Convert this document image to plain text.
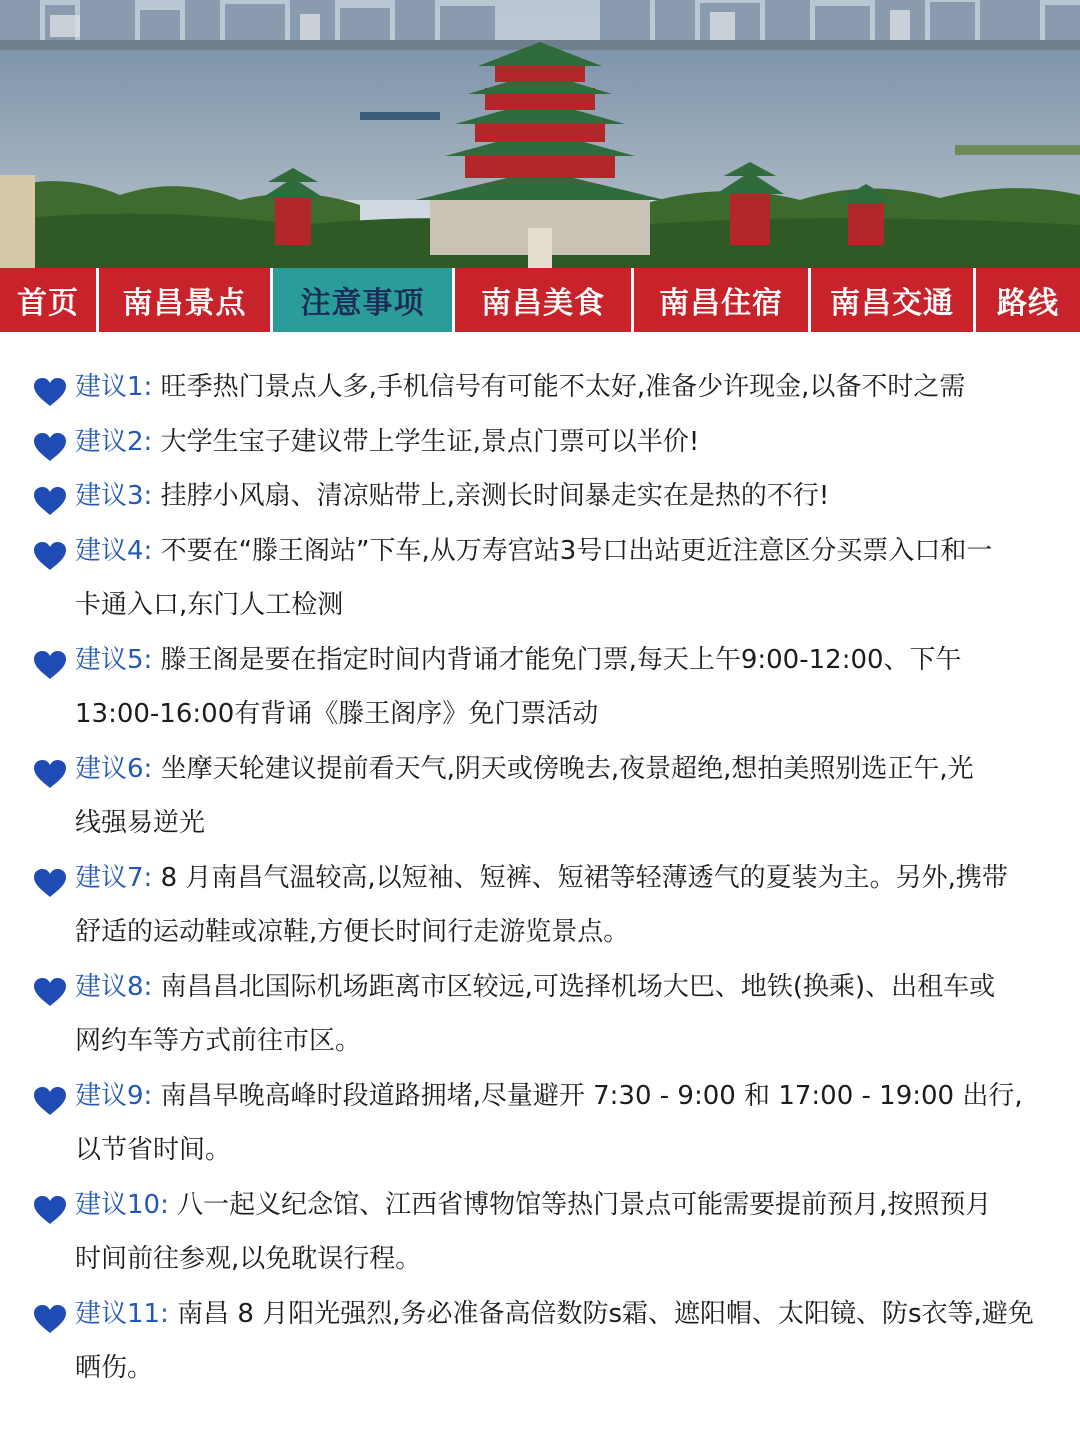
首页	南昌景点	注意事项	南昌美食	南昌住宿	南昌交通	路线
建议1: 旺季热门景点人多,手机信号有可能不太好,准备少许现金,以备不时之需
建议2: 大学生宝子建议带上学生证,景点门票可以半价!
建议3: 挂脖小风扇、清凉贴带上,亲测长时间暴走实在是热的不行!
建议4: 不要在“滕王阁站”下车,从万寿宫站3号口出站更近注意区分买票入口和一
卡通入口,东门人工检测
建议5: 滕王阁是要在指定时间内背诵才能免门票,每天上午9:00-12:00、下午
13:00-16:00有背诵《滕王阁序》免门票活动
建议6: 坐摩天轮建议提前看天气,阴天或傍晚去,夜景超绝,想拍美照别选正午,光
线强易逆光
建议7: 8 月南昌气温较高,以短袖、短裤、短裙等轻薄透气的夏装为主。另外,携带
舒适的运动鞋或凉鞋,方便长时间行走游览景点。
建议8: 南昌昌北国际机场距离市区较远,可选择机场大巴、地铁(换乘)、出租车或
网约车等方式前往市区。
建议9: 南昌早晚高峰时段道路拥堵,尽量避开 7:30 - 9:00 和 17:00 - 19:00 出行,
以节省时间。
建议10: 八一起义纪念馆、江西省博物馆等热门景点可能需要提前预月,按照预月
时间前往参观,以免耽误行程。
建议11: 南昌 8 月阳光强烈,务必准备高倍数防s霜、遮阳帽、太阳镜、防s衣等,避免
晒伤。
